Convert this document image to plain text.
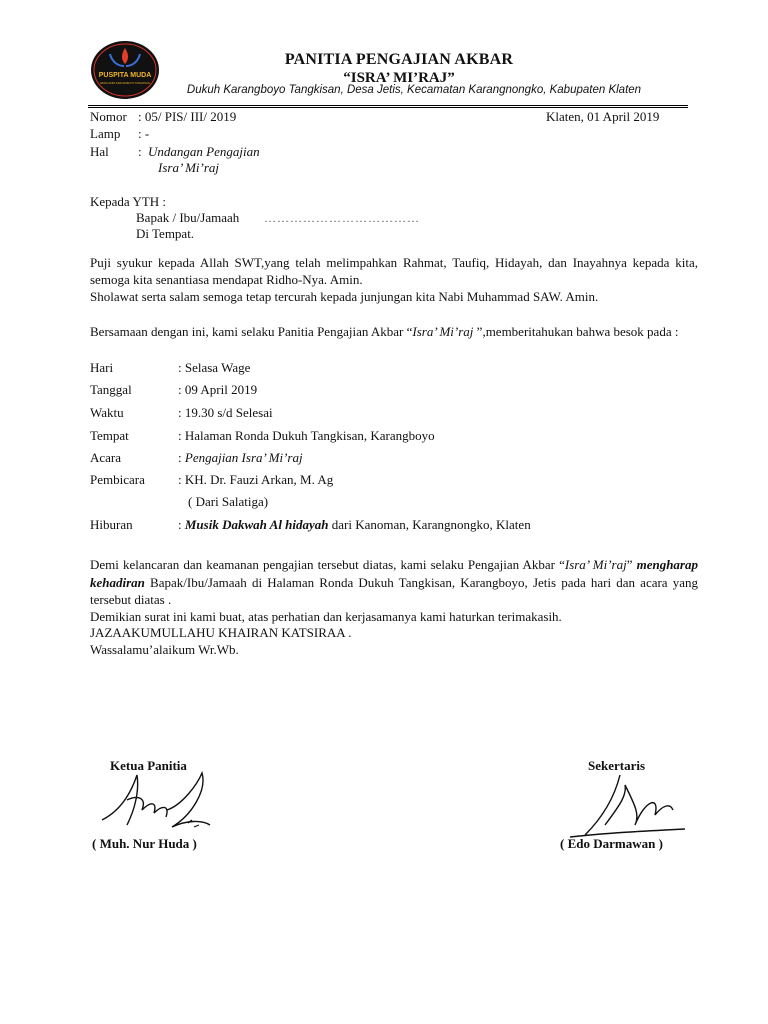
PUSPITA MUDA
MUDA MUDI KARANGBOYO TANGKISAN
PANITIA PENGAJIAN AKBAR
“ISRA’ MI’RAJ”
Dukuh Karangboyo Tangkisan, Desa Jetis, Kecamatan Karangnongko, Kabupaten Klaten
Nomor : 05/ PIS/ III/ 2019	Klaten, 01 April 2019
Lamp : -
Hal : Undangan Pengajian
Isra’ Mi’raj
Kepada YTH :
Bapak / Ibu/Jamaah ………………………………
Di Tempat.
Puji syukur kepada Allah SWT,yang telah melimpahkan Rahmat, Taufiq, Hidayah, dan Inayahnya kepada kita, semoga kita senantiasa mendapat Ridho-Nya. Amin.
Sholawat serta salam semoga tetap tercurah kepada junjungan kita Nabi Muhammad SAW. Amin.
Bersamaan dengan ini, kami selaku Panitia Pengajian Akbar “Isra’ Mi’raj ”,memberitahukan bahwa besok pada :
Hari	: Selasa Wage
Tanggal	: 09 April 2019
Waktu	: 19.30 s/d Selesai
Tempat	: Halaman Ronda Dukuh Tangkisan, Karangboyo
Acara	: Pengajian Isra’ Mi’raj
Pembicara	: KH. Dr. Fauzi Arkan, M. Ag
( Dari Salatiga)
Hiburan	: Musik Dakwah Al hidayah dari Kanoman, Karangnongko, Klaten
Demi kelancaran dan keamanan pengajian tersebut diatas, kami selaku Pengajian Akbar “Isra’ Mi’raj” mengharap kehadiran Bapak/Ibu/Jamaah di Halaman Ronda Dukuh Tangkisan, Karangboyo, Jetis pada hari dan acara yang tersebut diatas .
Demikian surat ini kami buat, atas perhatian dan kerjasamanya kami haturkan terimakasih.
JAZAAKUMULLAHU KHAIRAN KATSIRAA .
Wassalamu’alaikum Wr.Wb.
Ketua Panitia
( Muh. Nur Huda )
Sekertaris
( Edo Darmawan )
